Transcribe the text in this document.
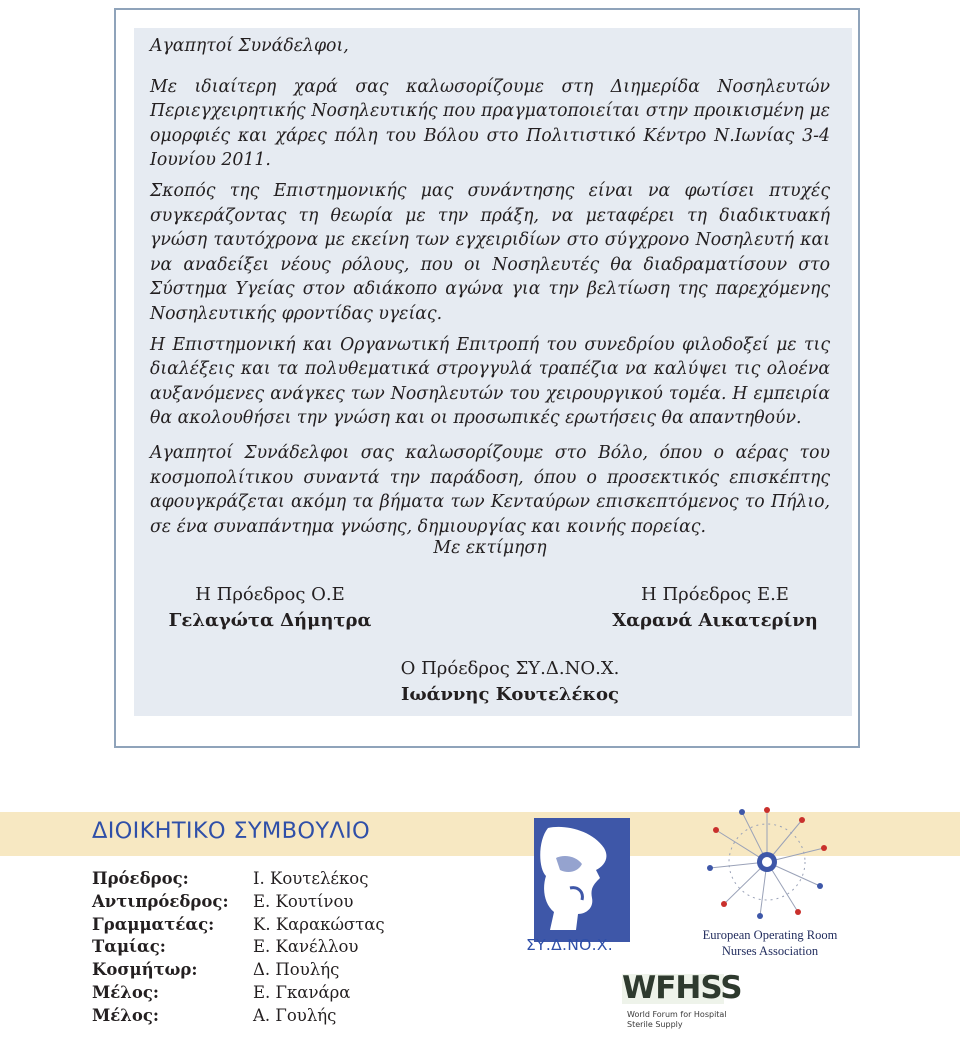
Αγαπητοί Συνάδελφοι,

Με ιδιαίτερη χαρά σας καλωσορίζουμε στη Διημερίδα Νοσηλευτών Περιεγχειρητικής Νοσηλευτικής που πραγματοποιείται στην προικισμένη με ομορφιές και χάρες πόλη του Βόλου στο Πολιτιστικό Κέντρο Ν.Ιωνίας 3-4 Ιουνίου 2011.

Σκοπός της Επιστημονικής μας συνάντησης είναι να φωτίσει πτυχές συγκεράζοντας τη θεωρία με την πράξη, να μεταφέρει τη διαδικτυακή γνώση ταυτόχρονα με εκείνη των εγχειριδίων στο σύγχρονο Νοσηλευτή και να αναδείξει νέους ρόλους, που οι Νοσηλευτές θα διαδραματίσουν στο Σύστημα Υγείας στον αδιάκοπο αγώνα για την βελτίωση της παρεχόμενης Νοσηλευτικής φροντίδας υγείας.

Η Επιστημονική και Οργανωτική Επιτροπή του συνεδρίου φιλοδοξεί με τις διαλέξεις και τα πολυθεματικά στρογγυλά τραπέζια να καλύψει τις ολοένα αυξανόμενες ανάγκες των Νοσηλευτών του χειρουργικού τομέα. Η εμπειρία θα ακολουθήσει την γνώση και οι προσωπικές ερωτήσεις θα απαντηθούν.

Αγαπητοί Συνάδελφοι σας καλωσορίζουμε στο Βόλο, όπου ο αέρας του κοσμοπολίτικου συναντά την παράδοση, όπου ο προσεκτικός επισκέπτης αφουγκράζεται ακόμη τα βήματα των Κενταύρων επισκεπτόμενος το Πήλιο, σε ένα συναπάντημα γνώσης, δημιουργίας και κοινής πορείας.

Με εκτίμηση
Η Πρόεδρος Ο.Ε
Γελαγώτα Δήμητρα
Η Πρόεδρος Ε.Ε
Χαρανά Αικατερίνη
Ο Πρόεδρος ΣΥ.Δ.ΝΟ.Χ.
Ιωάννης Κουτελέκος
ΔΙΟΙΚΗΤΙΚΟ ΣΥΜΒΟΥΛΙΟ
Πρόεδρος:
Αντιπρόεδρος:
Γραμματέας:
Ταμίας:
Κοσμήτωρ:
Μέλος:
Μέλος:
Ι. Κουτελέκος
Ε. Κουτίνου
Κ. Καρακώστας
Ε. Κανέλλου
Δ. Πουλής
Ε. Γκανάρα
Α. Γουλής
ΣΥ.Δ.ΝΟ.Χ.
European Operating Room
Nurses Association
WFHSS
World Forum for Hospital Sterile Supply
